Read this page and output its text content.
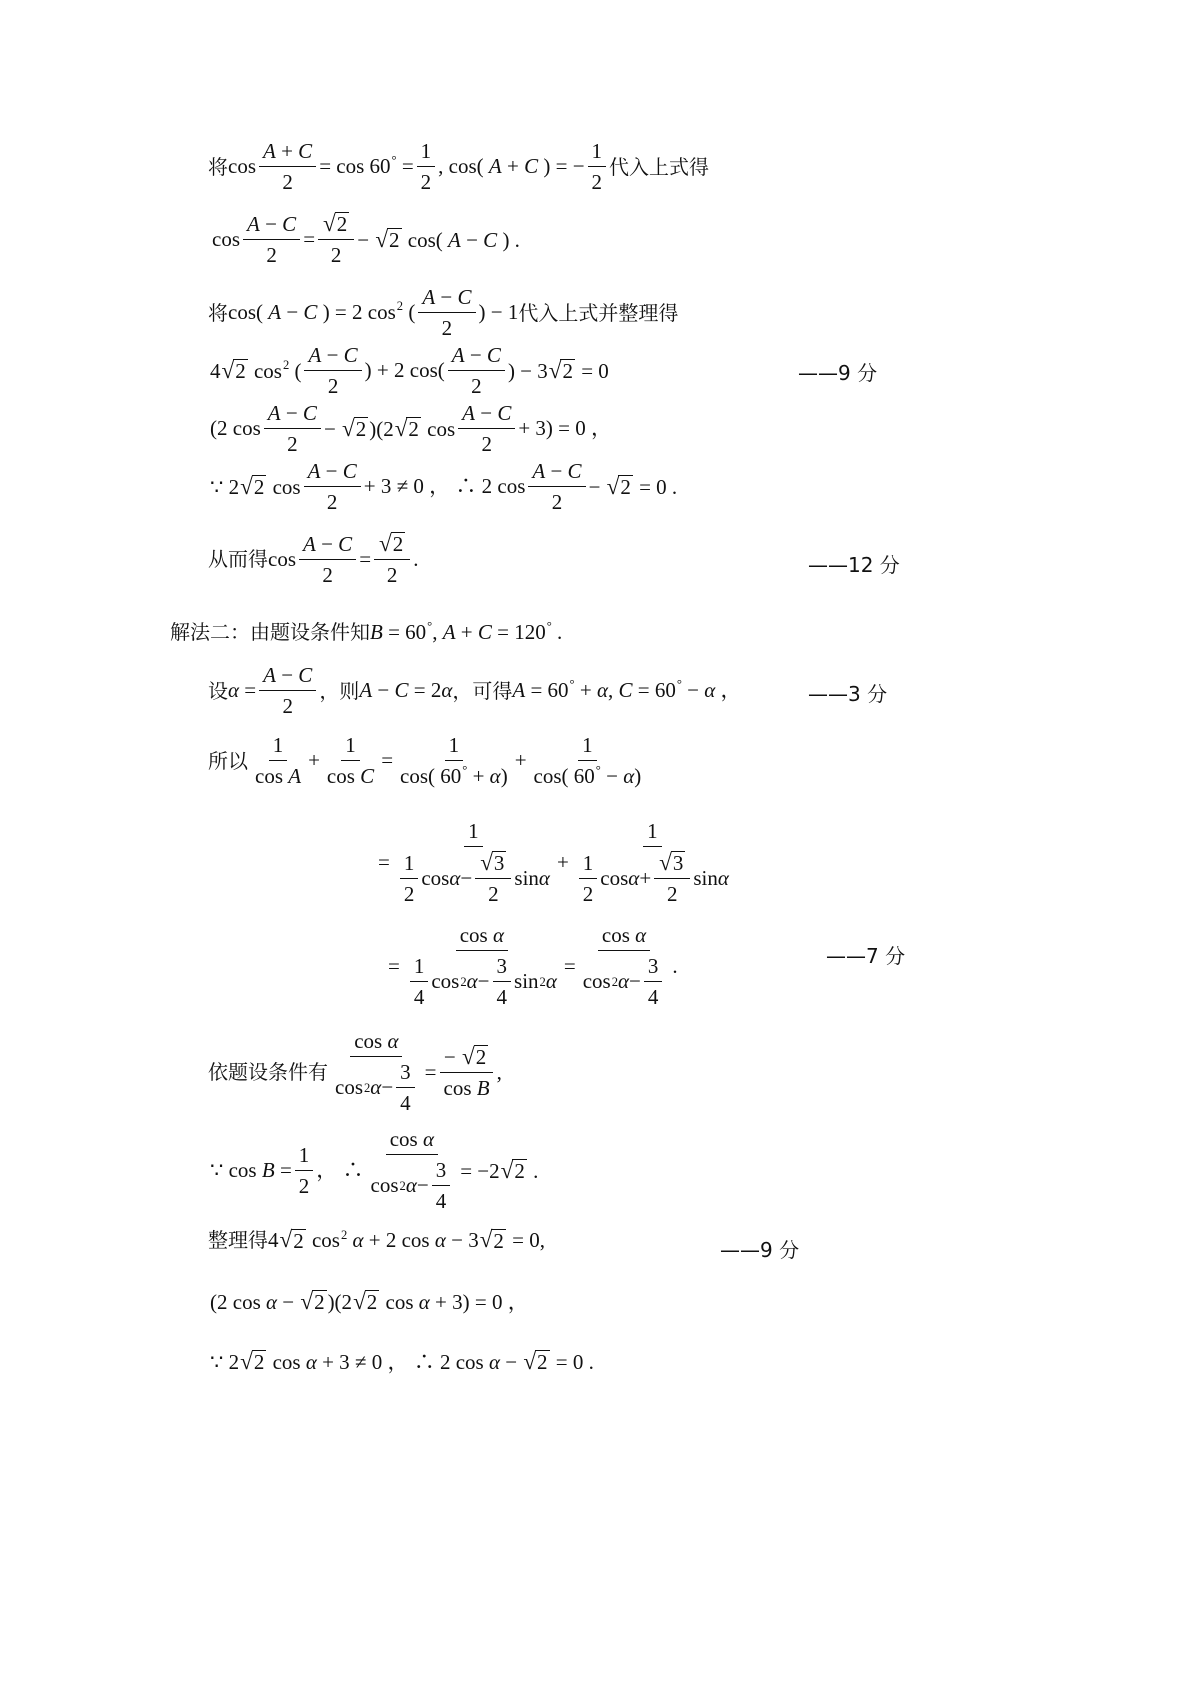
将 $\cos \frac{A + C}{2} = \cos 60^\circ = \frac{1}{2}$ , cos( A + C ) = − $\frac{1}{2}$ 代入上式得
$\cos \frac{A - C}{2} = \frac{√ 2}{2}$ − √ 2 cos( A − C ) .
将 cos( A − C ) = 2 $\cos^2$ ( $\frac{A - C}{2}$ ) − 1 代入上式并整理得
4 √ 2 $\cos^2$ ( $\frac{A - C}{2}$ ) + 2 $\cos( \frac{A - C}{2}$ ) − 3 √ 2 = 0	——9 分
(2 $\cos \frac{A - C}{2}$ − √ 2 )(2 √ 2 $\cos \frac{A - C}{2} + 3) = 0$ ，
∵ 2 √ 2 $\cos \frac{A - C}{2} + 3 \ne 0$ ， ∴ 2 $\cos \frac{A - C}{2}$ − √ 2 = 0 .
从而得 $\cos \frac{A - C}{2} = \frac{√ 2}{2}$ .	——12 分
解法二：由题设条件知 B = 60°, A + C = 120° .
设 $\alpha = \frac{A - C}{2}$ ，则 A − C = 2α ，可得 A = 60° + α, C = 60° − α ，	——3 分
所以 $\frac{1}{\text{cos A}} + \frac{1}{\text{cos C}} = \frac{1}{\cos( 60^\circ + \alpha)} + \frac{1}{\cos( 60^\circ - \alpha)}$
= $\frac{1}{\frac{1}{2} \cos \alpha - \frac{√ 3}{2} \sin \alpha} + \frac{1}{\frac{1}{2} \cos \alpha + \frac{√ 3}{2} \sin \alpha}$
= $\frac{\text{cos α}}{\frac{1}{4} \cos 2 \alpha - \frac{3}{4} \sin 2 \alpha} = \frac{\text{cos α}}{\cos 2 \alpha - \frac{3}{4}}$ .	——7 分
依题设条件有 $\frac{\text{cos α}}{\cos 2 \alpha - \frac{3}{4}} = \frac{- √ 2}{\text{cos B}}$ ,
∵ $\cos B = \frac{1}{2}$ ， ∴ $\frac{\text{cos α}}{\cos 2 \alpha - \frac{3}{4}} = -2$ √ 2 .
整理得 4 √ 2 $\cos^2 \alpha + 2$ cos α − 3 √ 2 = 0,	——9 分
(2 cos α − √ 2 )(2 √ 2 cos α + 3) = 0 ，
∵ 2 √ 2 cos α + 3 ≠ 0 ， ∴ 2 cos α − √ 2 = 0 .
